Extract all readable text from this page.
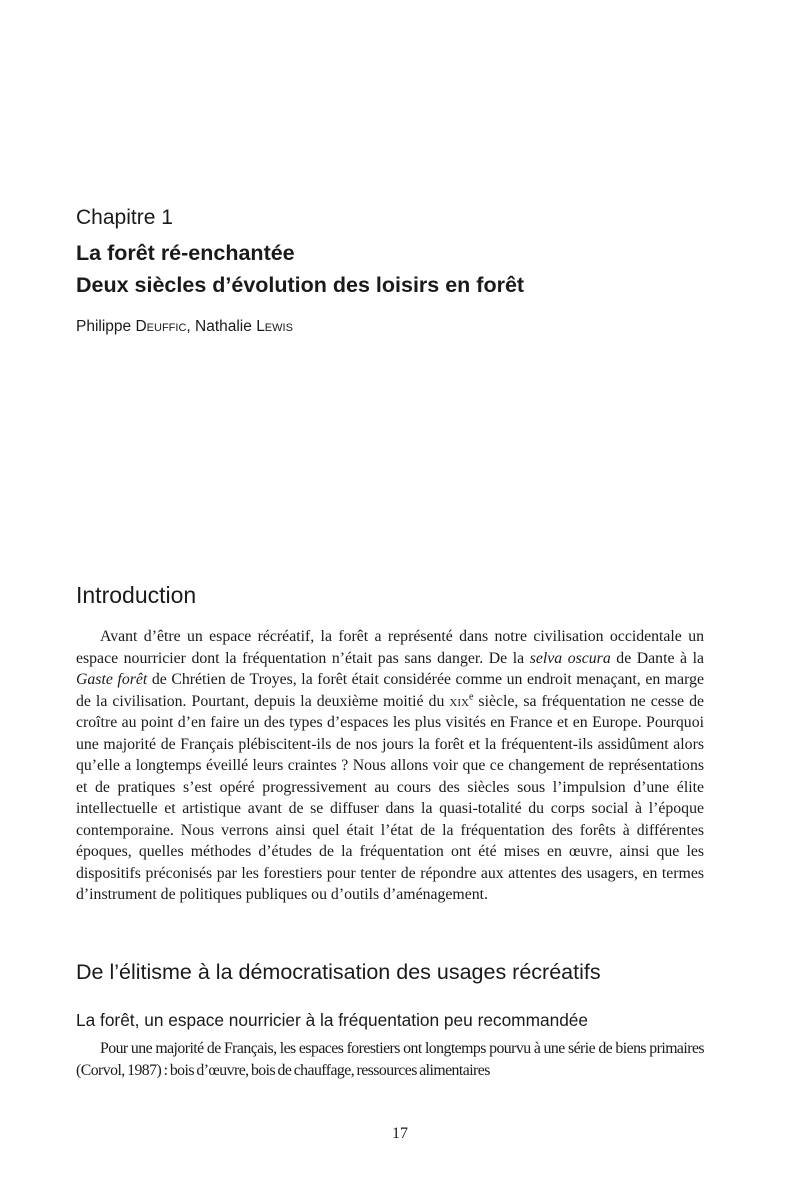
Chapitre 1
La forêt ré-enchantée
Deux siècles d’évolution des loisirs en forêt

Philippe Deuffic, Nathalie Lewis

Introduction

Avant d’être un espace récréatif, la forêt a représenté dans notre civilisation occidentale un espace nourricier dont la fréquentation n’était pas sans danger. De la selva oscura de Dante à la Gaste forêt de Chrétien de Troyes, la forêt était considérée comme un endroit menaçant, en marge de la civilisation. Pourtant, depuis la deuxième moitié du xix$^e$ siècle, sa fréquentation ne cesse de croître au point d’en faire un des types d’espaces les plus visités en France et en Europe. Pourquoi une majorité de Français plébiscitent-ils de nos jours la forêt et la fréquentent-ils assidûment alors qu’elle a longtemps éveillé leurs craintes ? Nous allons voir que ce changement de représentations et de pratiques s’est opéré progressivement au cours des siècles sous l’impulsion d’une élite intellectuelle et artistique avant de se diffuser dans la quasi-totalité du corps social à l’époque contemporaine. Nous verrons ainsi quel était l’état de la fréquentation des forêts à différentes époques, quelles méthodes d’études de la fréquentation ont été mises en œuvre, ainsi que les dispositifs préconisés par les forestiers pour tenter de répondre aux attentes des usagers, en termes d’instrument de politiques publiques ou d’outils d’aménagement.

De l’élitisme à la démocratisation des usages récréatifs
La forêt, un espace nourricier à la fréquentation peu recommandée

Pour une majorité de Français, les espaces forestiers ont longtemps pourvu à une série de biens primaires (Corvol, 1987) : bois d’œuvre, bois de chauffage, ressources alimentaires

17
